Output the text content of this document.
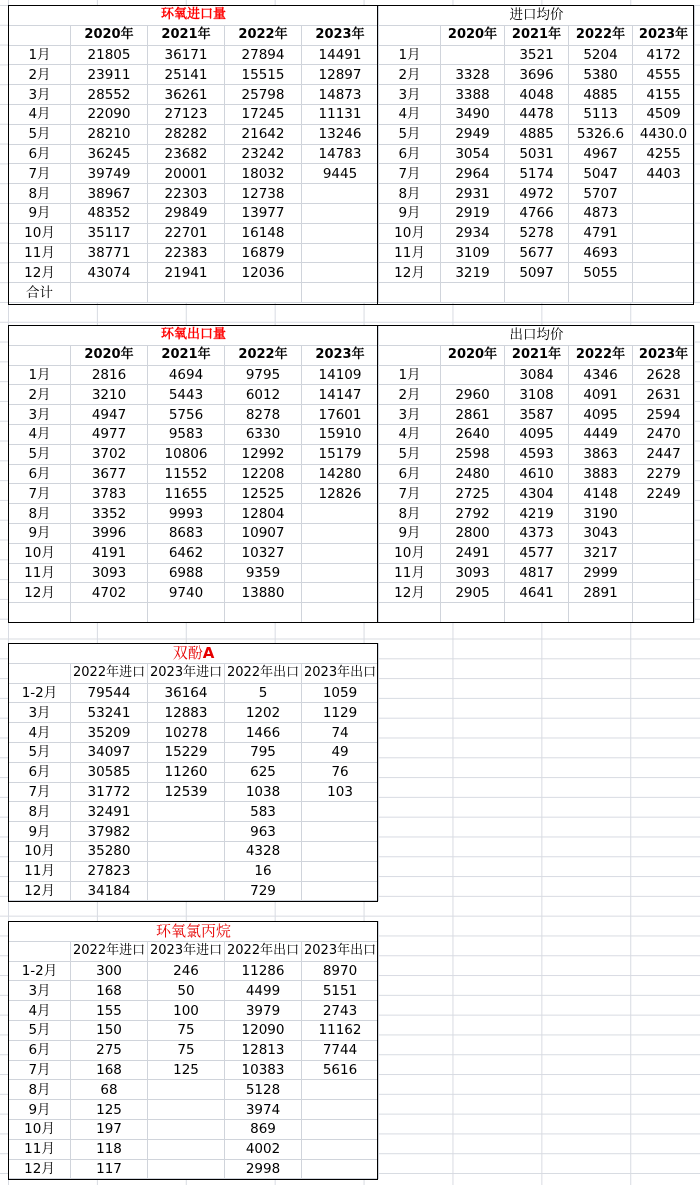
环氧进口量				
	2020年	2021年	2022年	2023年
1月	21805	36171	27894	14491
2月	23911	25141	15515	12897
3月	28552	36261	25798	14873
4月	22090	27123	17245	11131
5月	28210	28282	21642	13246
6月	36245	23682	23242	14783
7月	39749	20001	18032	9445
8月	38967	22303	12738	
9月	48352	29849	13977	
10月	35117	22701	16148	
11月	38771	22383	16879	
12月	43074	21941	12036	
合计				
进口均价				
	2020年	2021年	2022年	2023年
1月		3521	5204	4172
2月	3328	3696	5380	4555
3月	3388	4048	4885	4155
4月	3490	4478	5113	4509
5月	2949	4885	5326.6	4430.0
6月	3054	5031	4967	4255
7月	2964	5174	5047	4403
8月	2931	4972	5707	
9月	2919	4766	4873	
10月	2934	5278	4791	
11月	3109	5677	4693	
12月	3219	5097	5055	

环氧出口量				
	2020年	2021年	2022年	2023年
1月	2816	4694	9795	14109
2月	3210	5443	6012	14147
3月	4947	5756	8278	17601
4月	4977	9583	6330	15910
5月	3702	10806	12992	15179
6月	3677	11552	12208	14280
7月	3783	11655	12525	12826
8月	3352	9993	12804	
9月	3996	8683	10907	
10月	4191	6462	10327	
11月	3093	6988	9359	
12月	4702	9740	13880	

出口均价				
	2020年	2021年	2022年	2023年
1月		3084	4346	2628
2月	2960	3108	4091	2631
3月	2861	3587	4095	2594
4月	2640	4095	4449	2470
5月	2598	4593	3863	2447
6月	2480	4610	3883	2279
7月	2725	4304	4148	2249
8月	2792	4219	3190	
9月	2800	4373	3043	
10月	2491	4577	3217	
11月	3093	4817	2999	
12月	2905	4641	2891	

双酚A				
	2022年进口	2023年进口	2022年出口	2023年出口
1-2月	79544	36164	5	1059
3月	53241	12883	1202	1129
4月	35209	10278	1466	74
5月	34097	15229	795	49
6月	30585	11260	625	76
7月	31772	12539	1038	103
8月	32491		583	
9月	37982		963	
10月	35280		4328	
11月	27823		16	
12月	34184		729	
环氧氯丙烷				
	2022年进口	2023年进口	2022年出口	2023年出口
1-2月	300	246	11286	8970
3月	168	50	4499	5151
4月	155	100	3979	2743
5月	150	75	12090	11162
6月	275	75	12813	7744
7月	168	125	10383	5616
8月	68		5128	
9月	125		3974	
10月	197		869	
11月	118		4002	
12月	117		2998	
